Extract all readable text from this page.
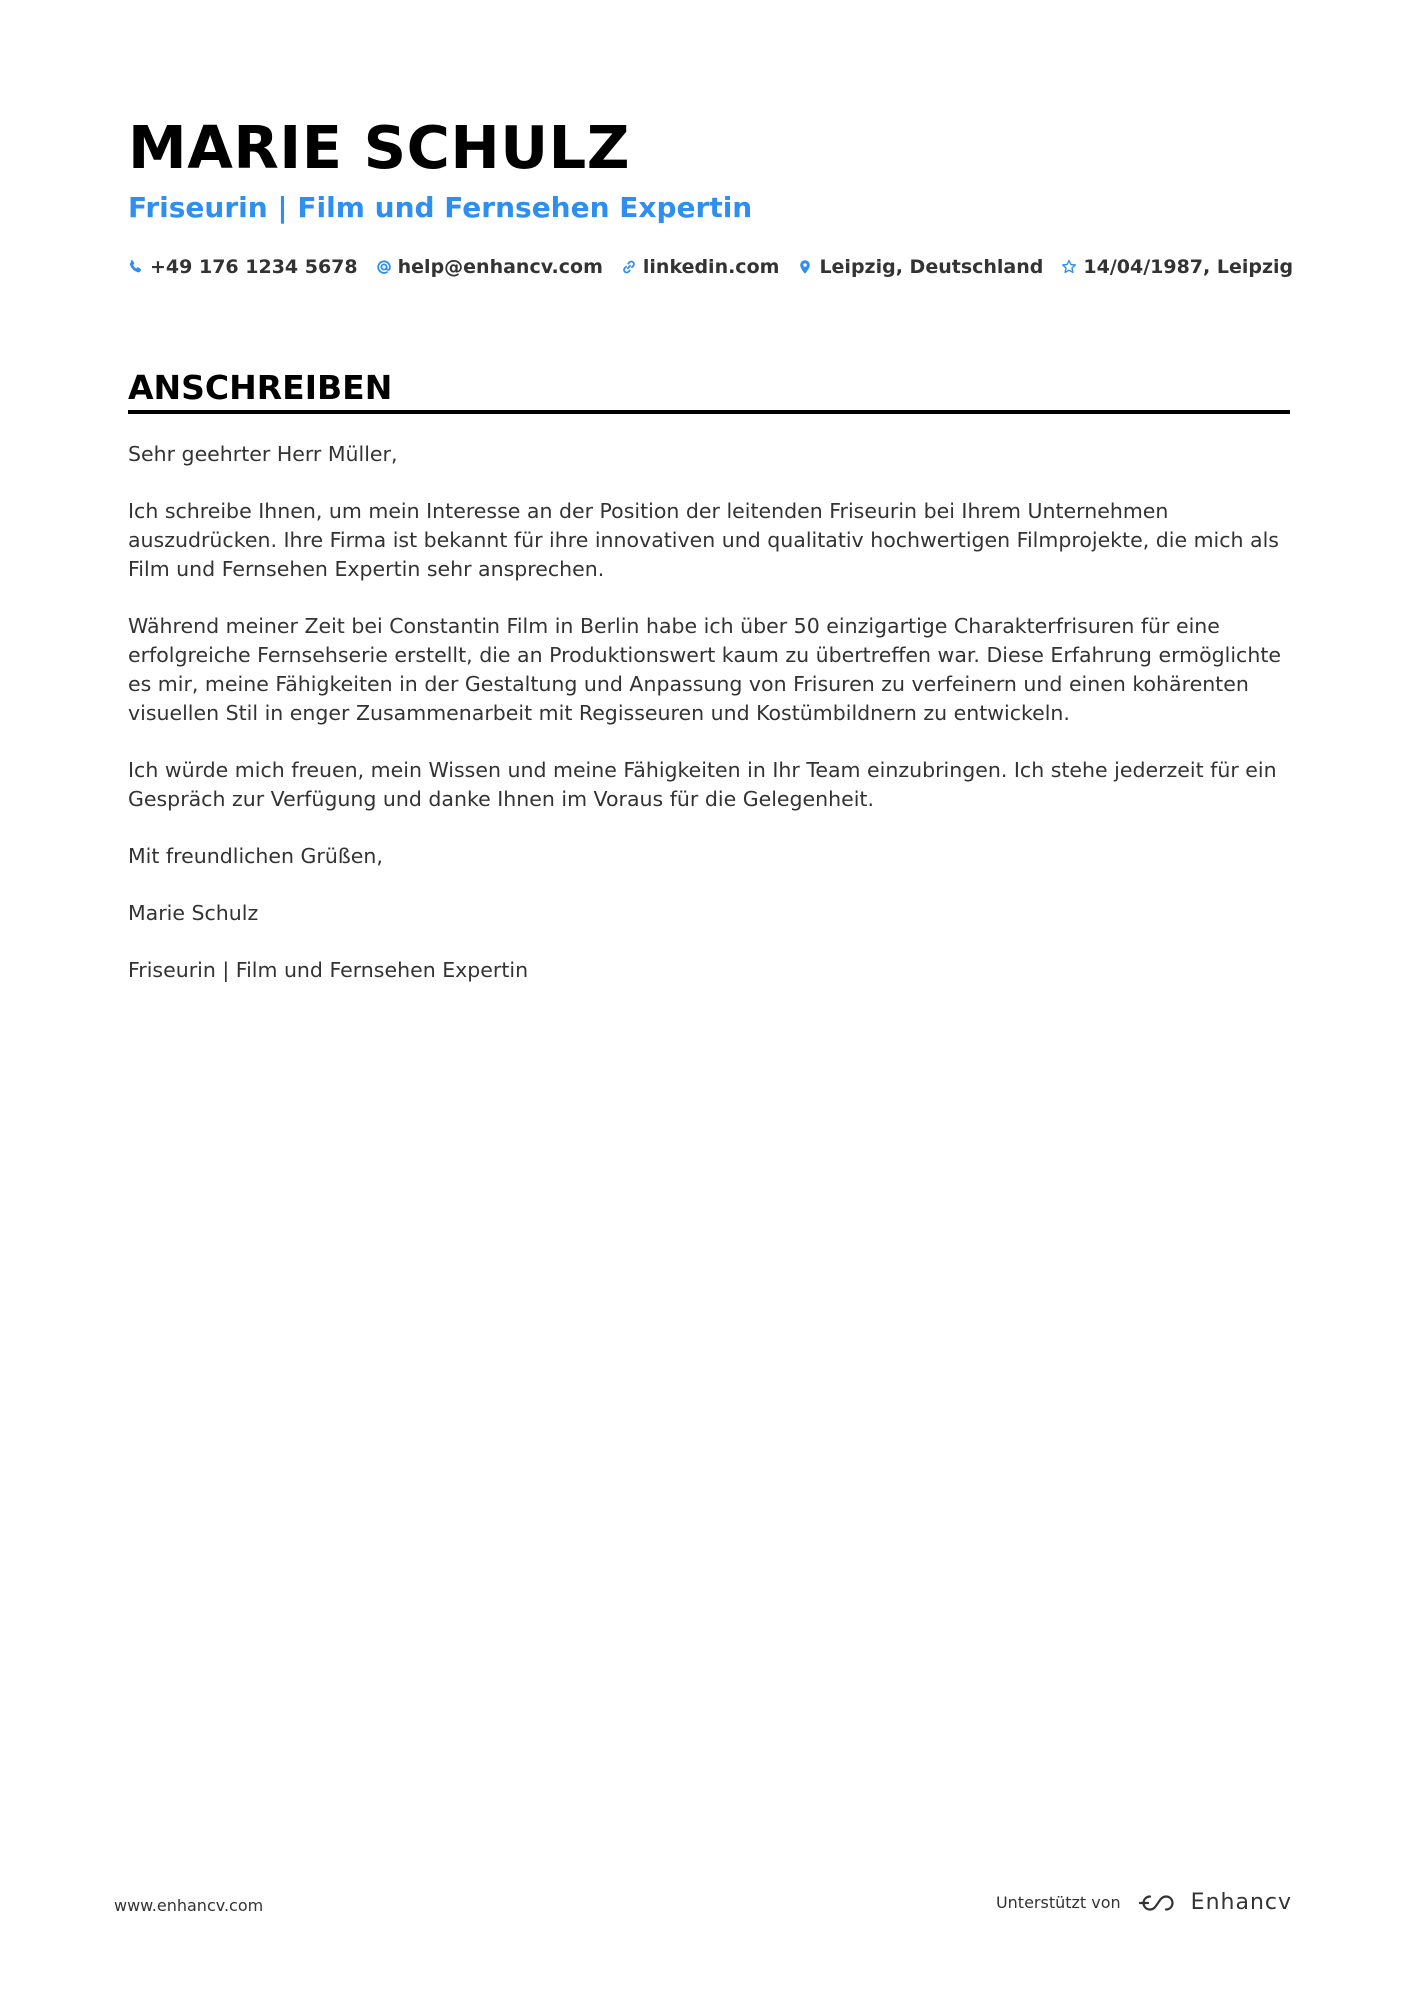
MARIE SCHULZ
Friseurin | Film und Fernsehen Expertin
+49 176 1234 5678 help@enhancv.com linkedin.com Leipzig, Deutschland 14/04/1987, Leipzig
ANSCHREIBEN

Sehr geehrter Herr Müller,

Ich schreibe Ihnen, um mein Interesse an der Position der leitenden Friseurin bei Ihrem Unternehmen auszudrücken. Ihre Firma ist bekannt für ihre innovativen und qualitativ hochwertigen Filmprojekte, die mich als Film und Fernsehen Expertin sehr ansprechen.

Während meiner Zeit bei Constantin Film in Berlin habe ich über 50 einzigartige Charakterfrisuren für eine erfolgreiche Fernsehserie erstellt, die an Produktionswert kaum zu übertreffen war. Diese Erfahrung ermöglichte es mir, meine Fähigkeiten in der Gestaltung und Anpassung von Frisuren zu verfeinern und einen kohärenten visuellen Stil in enger Zusammenarbeit mit Regisseuren und Kostümbildnern zu entwickeln.

Ich würde mich freuen, mein Wissen und meine Fähigkeiten in Ihr Team einzubringen. Ich stehe jederzeit für ein Gespräch zur Verfügung und danke Ihnen im Voraus für die Gelegenheit.

Mit freundlichen Grüßen,

Marie Schulz

Friseurin | Film und Fernsehen Expertin

www.enhancv.com	Unterstützt von	Enhancv
